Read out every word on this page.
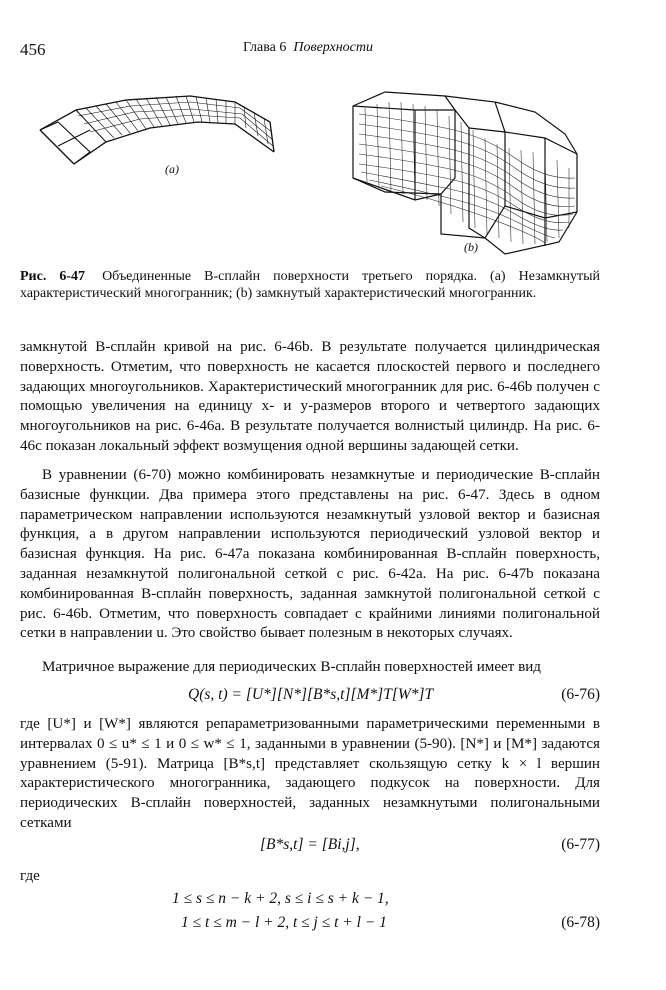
456	Глава 6 Поверхности
(a)
(b)
Рис. 6-47 Объединенные B-сплайн поверхности третьего порядка. (a) Незамкнутый характеристический многогранник; (b) замкнутый характеристический многогранник.

замкнутой B-сплайн кривой на рис. 6-46b. В результате получается цилиндрическая поверхность. Отметим, что поверхность не касается плоскостей первого и последнего задающих многоугольников. Характеристический многогранник для рис. 6-46b получен с помощью увеличения на единицу x- и y-размеров второго и четвертого задающих многоугольников на рис. 6-46a. В результате получается волнистый цилиндр. На рис. 6-46c показан локальный эффект возмущения одной вершины задающей сетки.

В уравнении (6-70) можно комбинировать незамкнутые и периодические B-сплайн базисные функции. Два примера этого представлены на рис. 6-47. Здесь в одном параметрическом направлении используются незамкнутый узловой вектор и базисная функция, а в другом направлении используются периодический узловой вектор и базисная функция. На рис. 6-47a показана комбинированная B-сплайн поверхность, заданная незамкнутой полигональной сеткой с рис. 6-42a. На рис. 6-47b показана комбинированная B-сплайн поверхность, заданная замкнутой полигональной сеткой с рис. 6-46b. Отметим, что поверхность совпадает с крайними линиями полигональной сетки в направлении u. Это свойство бывает полезным в некоторых случаях.

Матричное выражение для периодических B-сплайн поверхностей имеет вид

Q(s, t) = [U*][N*][B*s,t][M*]T[W*]T	(6-76)

где [U*] и [W*] являются репараметризованными параметрическими переменными в интервалах 0 ≤ u* ≤ 1 и 0 ≤ w* ≤ 1, заданными в уравнении (5-90). [N*] и [M*] задаются уравнением (5-91). Матрица [B*s,t] представляет скользящую сетку k × l вершин характеристического многогранника, задающего подкусок на поверхности. Для периодических B-сплайн поверхностей, заданных незамкнутыми полигональными сетками

[B*s,t] = [Bi,j],	(6-77)

где

1 ≤ s ≤ n − k + 2, s ≤ i ≤ s + k − 1,
1 ≤ t ≤ m − l + 2, t ≤ j ≤ t + l − 1	(6-78)
